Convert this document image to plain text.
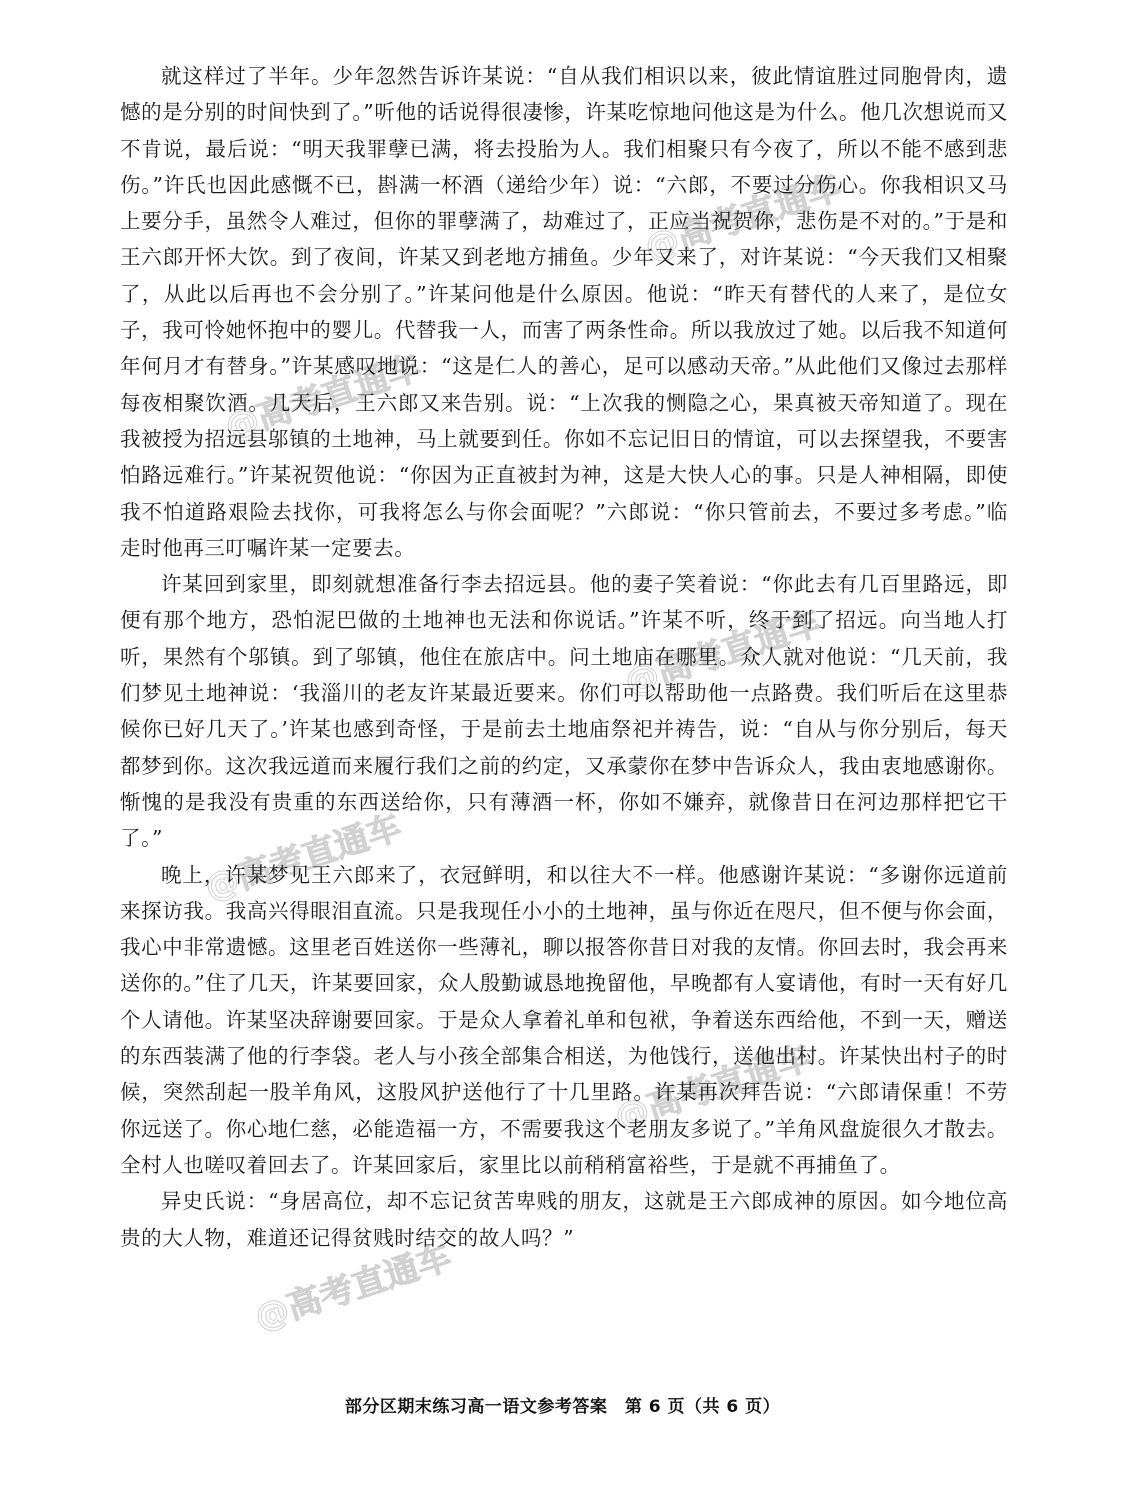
@高考直通车
@高考直通车
@高考直通车
@高考直通车
@高考直通车
@高考直通车

就这样过了半年。少年忽然告诉许某说：“自从我们相识以来，彼此情谊胜过同胞骨肉，遗憾的是分别的时间快到了。”听他的话说得很凄惨，许某吃惊地问他这是为什么。他几次想说而又不肯说，最后说：“明天我罪孽已满，将去投胎为人。我们相聚只有今夜了，所以不能不感到悲伤。”许氏也因此感慨不已，斟满一杯酒（递给少年）说：“六郎，不要过分伤心。你我相识又马上要分手，虽然令人难过，但你的罪孽满了，劫难过了，正应当祝贺你，悲伤是不对的。”于是和王六郎开怀大饮。到了夜间，许某又到老地方捕鱼。少年又来了，对许某说：“今天我们又相聚了，从此以后再也不会分别了。”许某问他是什么原因。他说：“昨天有替代的人来了，是位女子，我可怜她怀抱中的婴儿。代替我一人，而害了两条性命。所以我放过了她。以后我不知道何年何月才有替身。”许某感叹地说：“这是仁人的善心，足可以感动天帝。”从此他们又像过去那样每夜相聚饮酒。几天后，王六郎又来告别。说：“上次我的恻隐之心，果真被天帝知道了。现在我被授为招远县邬镇的土地神，马上就要到任。你如不忘记旧日的情谊，可以去探望我，不要害怕路远难行。”许某祝贺他说：“你因为正直被封为神，这是大快人心的事。只是人神相隔，即使我不怕道路艰险去找你，可我将怎么与你会面呢？”六郎说：“你只管前去，不要过多考虑。”临走时他再三叮嘱许某一定要去。

许某回到家里，即刻就想准备行李去招远县。他的妻子笑着说：“你此去有几百里路远，即便有那个地方，恐怕泥巴做的土地神也无法和你说话。”许某不听，终于到了招远。向当地人打听，果然有个邬镇。到了邬镇，他住在旅店中。问土地庙在哪里。众人就对他说：“几天前，我们梦见土地神说：‘我淄川的老友许某最近要来。你们可以帮助他一点路费。我们听后在这里恭候你已好几天了。’许某也感到奇怪，于是前去土地庙祭祀并祷告，说：“自从与你分别后，每天都梦到你。这次我远道而来履行我们之前的约定，又承蒙你在梦中告诉众人，我由衷地感谢你。惭愧的是我没有贵重的东西送给你，只有薄酒一杯，你如不嫌弃，就像昔日在河边那样把它干了。”

晚上，许某梦见王六郎来了，衣冠鲜明，和以往大不一样。他感谢许某说：“多谢你远道前来探访我。我高兴得眼泪直流。只是我现任小小的土地神，虽与你近在咫尺，但不便与你会面，我心中非常遗憾。这里老百姓送你一些薄礼，聊以报答你昔日对我的友情。你回去时，我会再来送你的。”住了几天，许某要回家，众人殷勤诚恳地挽留他，早晚都有人宴请他，有时一天有好几个人请他。许某坚决辞谢要回家。于是众人拿着礼单和包袱，争着送东西给他，不到一天，赠送的东西装满了他的行李袋。老人与小孩全部集合相送，为他饯行，送他出村。许某快出村子的时候，突然刮起一股羊角风，这股风护送他行了十几里路。许某再次拜告说：“六郎请保重！不劳你远送了。你心地仁慈，必能造福一方，不需要我这个老朋友多说了。”羊角风盘旋很久才散去。全村人也嗟叹着回去了。许某回家后，家里比以前稍稍富裕些，于是就不再捕鱼了。

异史氏说：“身居高位，却不忘记贫苦卑贱的朋友，这就是王六郎成神的原因。如今地位高贵的大人物，难道还记得贫贱时结交的故人吗？”

部分区期末练习高一语文参考答案　第 6 页（共 6 页）
